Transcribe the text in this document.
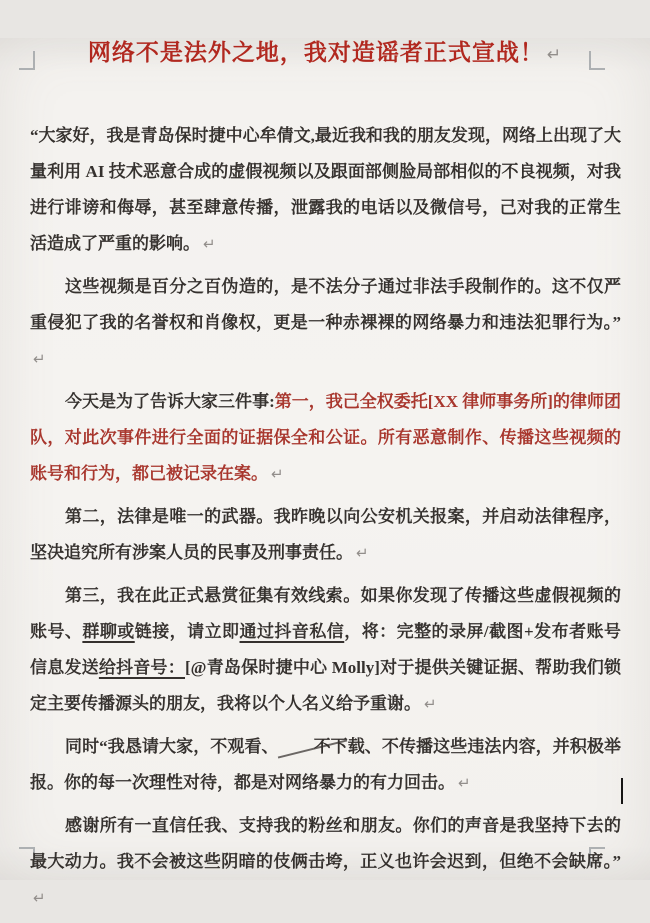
网络不是法外之地，我对造谣者正式宣战！ ↵

“大家好，我是青岛保时捷中心牟倩文,最近我和我的朋友发现，网络上出现了大量利用 AI 技术恶意合成的虚假视频以及跟面部侧脸局部相似的不良视频，对我进行诽谤和侮辱，甚至肆意传播，泄露我的电话以及微信号，己对我的正常生活造成了严重的影响。 ↵

这些视频是百分之百伪造的，是不法分子通过非法手段制作的。这不仅严重侵犯了我的名誉权和肖像权，更是一种赤裸裸的网络暴力和违法犯罪行为。”↵

今天是为了告诉大家三件事:第一，我己全权委托[XX 律师事务所]的律师团队，对此次事件进行全面的证据保全和公证。所有恶意制作、传播这些视频的账号和行为，都己被记录在案。 ↵

第二，法律是唯一的武器。我昨晚以向公安机关报案，并启动法律程序，坚决追究所有涉案人员的民事及刑事责任。 ↵

第三，我在此正式悬赏征集有效线索。如果你发现了传播这些虚假视频的账号、群聊或链接，请立即通过抖音私信，将：完整的录屏/截图+发布者账号信息发送给抖音号：[@青岛保时捷中心 Molly]对于提供关键证据、帮助我们锁定主要传播源头的朋友，我将以个人名义给予重谢。 ↵

同时“我恳请大家，不观看、 不下载、不传播这些违法内容，并积极举报。你的每一次理性对待，都是对网络暴力的有力回击。 ↵

感谢所有一直信任我、支持我的粉丝和朋友。你们的声音是我坚持下去的最大动力。我不会被这些阴暗的伎俩击垮，正义也许会迟到，但绝不会缺席。”↵
